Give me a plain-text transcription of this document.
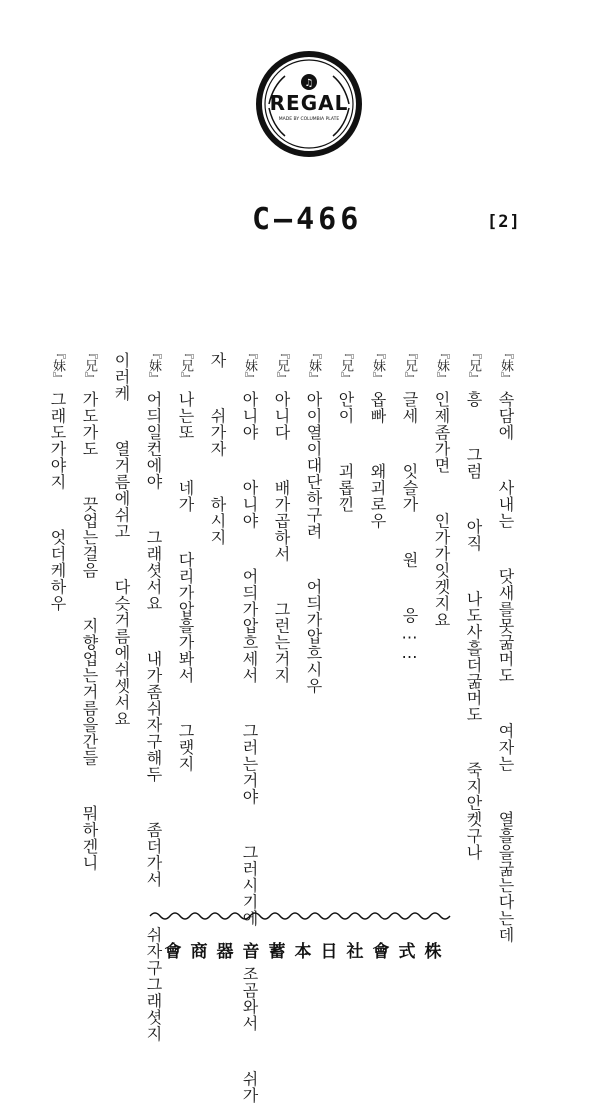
♫
REGAL
MADE BY COLUMBIA PLATE
C—466	[2]

『妹』속담에  사내는  닷새를못굶머도  여자는  열흘을굶는다는데

『兄』흥  그럼  아직  나도사흘더굶머도  죽지안켓구나

『妹』인제좀가면  인가가잇겟지요

『兄』글세  잇슬가  원  응……

『妹』옵빠  왜괴로우

『兄』안이  괴롭낀

『妹』아이열이대단하구려  어듸가압흐시우

『兄』아니다  배가곱하서  그런는거지

『妹』아니야  아니야  어듸가압흐세서  그러는거야  그러시기에  조곰와서  쉬가

자  쉬가자  하시지

『兄』나는또  네가  다리가압흘가봐서  그랫지

『妹』어듸일컨에야  그래셧서요  내가좀쉬자구해두  좀더가서  쉬자구그래셧지

이러케  열거름에쉬고  다슷거름에쉬셋서요

『兄』가도가도  끗업는걸음  지향업는거름을간들  뭐하겐니

『妹』그래도가야지  엇더케하우

會商器音蓄本日社會式株
